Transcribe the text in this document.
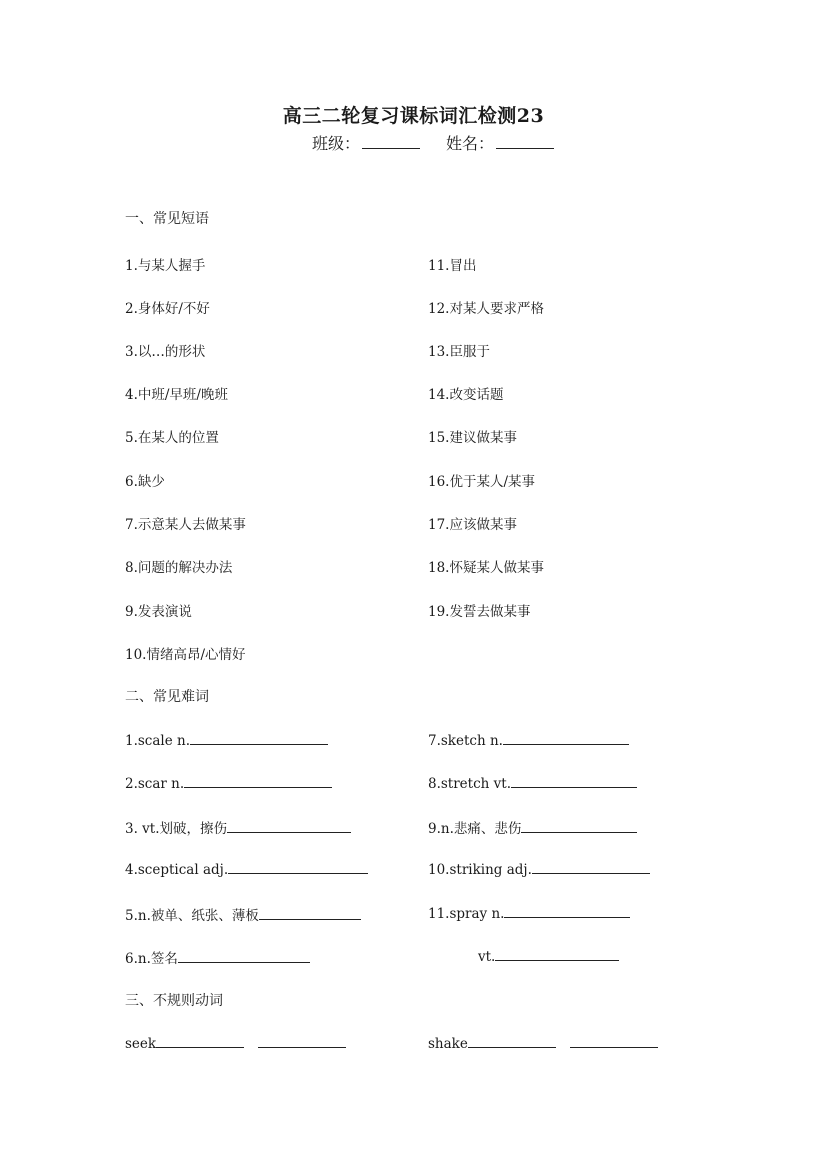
高三二轮复习课标词汇检测23
班级：	姓名：
一、常见短语
1.与某人握手
2.身体好/不好
3.以…的形状
4.中班/早班/晚班
5.在某人的位置
6.缺少
7.示意某人去做某事
8.问题的解决办法
9.发表演说
10.情绪高昂/心情好
11.冒出
12.对某人要求严格
13.臣服于
14.改变话题
15.建议做某事
16.优于某人/某事
17.应该做某事
18.怀疑某人做某事
19.发誓去做某事
二、常见难词
1.scale n.
2.scar n.
3. vt.划破，擦伤
4.sceptical adj.
5.n.被单、纸张、薄板
6.n.签名
7.sketch n.
8.stretch vt.
9.n.悲痛、悲伤
10.striking adj.
11.spray n.
vt.
三、不规则动词
seek	shake
